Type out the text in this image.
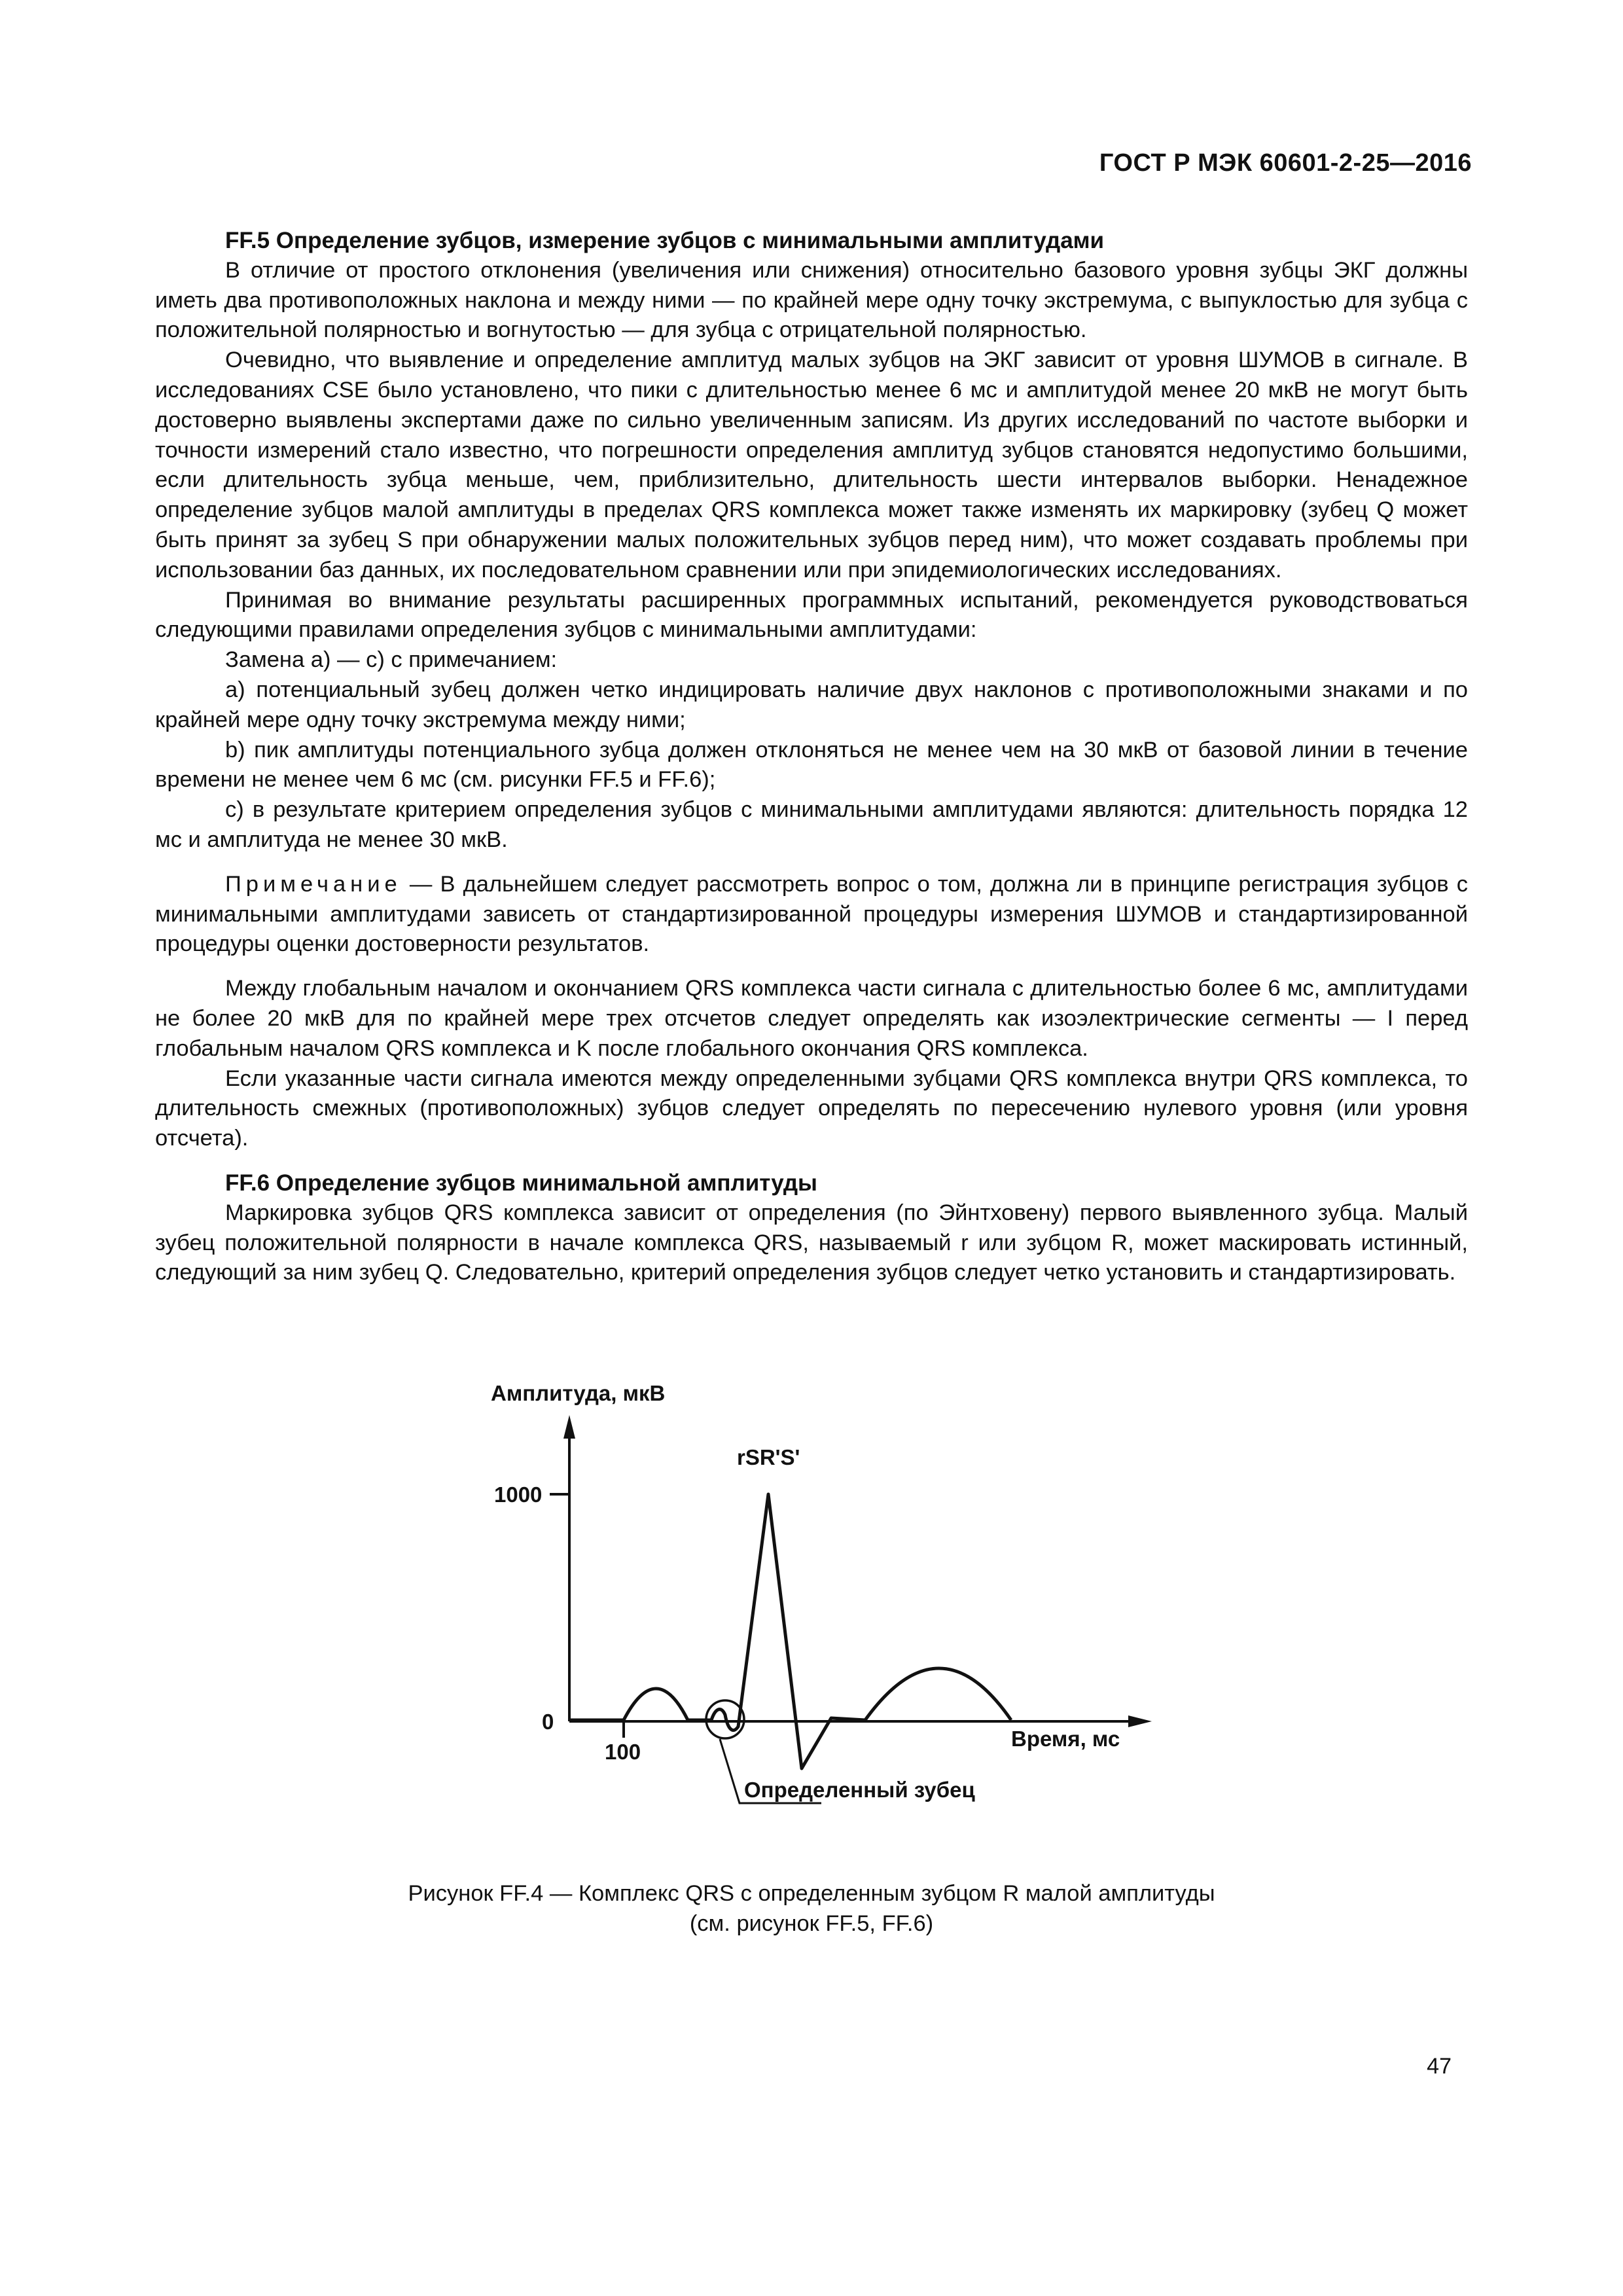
ГОСТ Р МЭК 60601-2-25—2016
FF.5 Определение зубцов, измерение зубцов с минимальными амплитудами

В отличие от простого отклонения (увеличения или снижения) относительно базового уровня зубцы ЭКГ должны иметь два противоположных наклона и между ними — по крайней мере одну точку экстремума, с выпуклостью для зубца с положительной полярностью и вогнутостью — для зубца с отрицательной полярностью.

Очевидно, что выявление и определение амплитуд малых зубцов на ЭКГ зависит от уровня ШУМОВ в сигнале. В исследованиях CSE было установлено, что пики с длительностью менее 6 мс и амплитудой менее 20 мкВ не могут быть достоверно выявлены экспертами даже по сильно увеличенным записям. Из других исследований по частоте выборки и точности измерений стало известно, что погрешности определения амплитуд зубцов становятся недопустимо большими, если длительность зубца меньше, чем, приблизительно, длительность шести интервалов выборки. Ненадежное определение зубцов малой амплитуды в пределах QRS комплекса может также изменять их маркировку (зубец Q может быть принят за зубец S при обнаружении малых положительных зубцов перед ним), что может создавать проблемы при использовании баз данных, их последовательном сравнении или при эпидемиологических исследованиях.

Принимая во внимание результаты расширенных программных испытаний, рекомендуется руководствоваться следующими правилами определения зубцов с минимальными амплитудами:

Замена a) — c) с примечанием:

a) потенциальный зубец должен четко индицировать наличие двух наклонов с противоположными знаками и по крайней мере одну точку экстремума между ними;

b) пик амплитуды потенциального зубца должен отклоняться не менее чем на 30 мкВ от базовой линии в течение времени не менее чем 6 мс (см. рисунки FF.5 и FF.6);

c) в результате критерием определения зубцов с минимальными амплитудами являются: длительность порядка 12 мс и амплитуда не менее 30 мкВ.

Примечание — В дальнейшем следует рассмотреть вопрос о том, должна ли в принципе регистрация зубцов с минимальными амплитудами зависеть от стандартизированной процедуры измерения ШУМОВ и стандартизированной процедуры оценки достоверности результатов.

Между глобальным началом и окончанием QRS комплекса части сигнала с длительностью более 6 мс, амплитудами не более 20 мкВ для по крайней мере трех отсчетов следует определять как изоэлектрические сегменты — I перед глобальным началом QRS комплекса и K после глобального окончания QRS комплекса.

Если указанные части сигнала имеются между определенными зубцами QRS комплекса внутри QRS комплекса, то длительность смежных (противоположных) зубцов следует определять по пересечению нулевого уровня (или уровня отсчета).

FF.6 Определение зубцов минимальной амплитуды

Маркировка зубцов QRS комплекса зависит от определения (по Эйнтховену) первого выявленного зубца. Малый зубец положительной полярности в начале комплекса QRS, называемый r или зубцом R, может маскировать истинный, следующий за ним зубец Q. Следовательно, критерий определения зубцов следует четко установить и стандартизировать.

Амплитуда, мкВ
1000
0
100
Время, мс
rSR'S'
Определенный зубец
Рисунок FF.4 — Комплекс QRS с определенным зубцом R малой амплитуды
(см. рисунок FF.5, FF.6)
47
